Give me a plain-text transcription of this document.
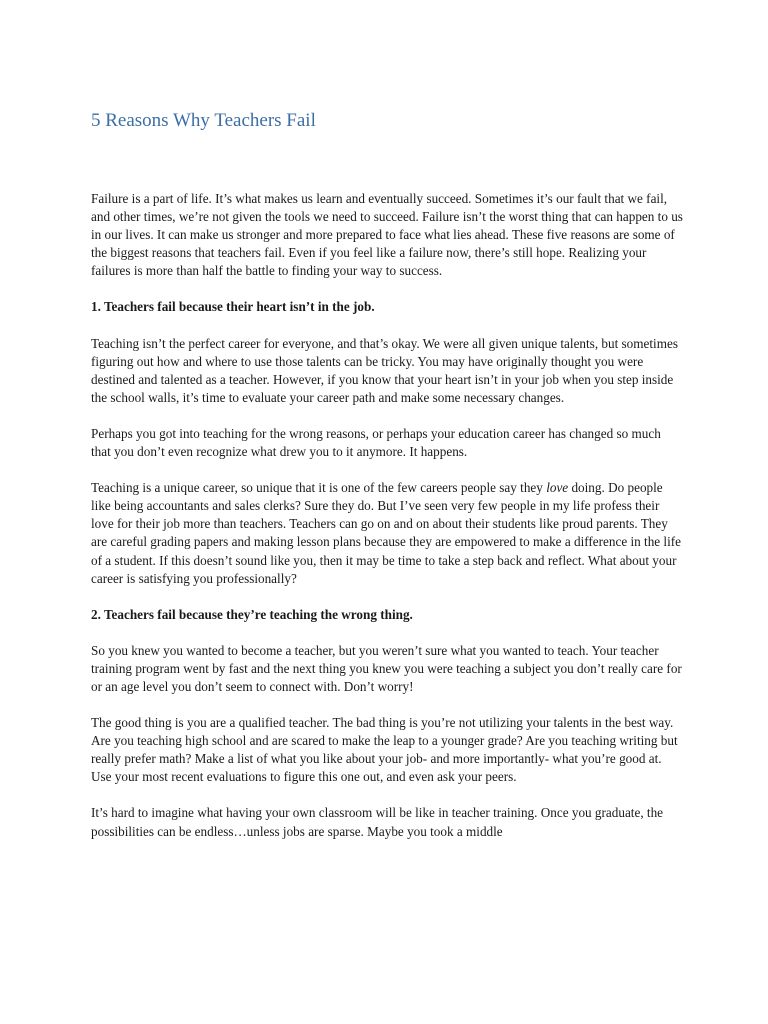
5 Reasons Why Teachers Fail

Failure is a part of life. It’s what makes us learn and eventually succeed. Sometimes it’s our fault that we fail, and other times, we’re not given the tools we need to succeed. Failure isn’t the worst thing that can happen to us in our lives. It can make us stronger and more prepared to face what lies ahead. These five reasons are some of the biggest reasons that teachers fail. Even if you feel like a failure now, there’s still hope. Realizing your failures is more than half the battle to finding your way to success.

1. Teachers fail because their heart isn’t in the job.

Teaching isn’t the perfect career for everyone, and that’s okay. We were all given unique talents, but sometimes figuring out how and where to use those talents can be tricky. You may have originally thought you were destined and talented as a teacher. However, if you know that your heart isn’t in your job when you step inside the school walls, it’s time to evaluate your career path and make some necessary changes.

Perhaps you got into teaching for the wrong reasons, or perhaps your education career has changed so much that you don’t even recognize what drew you to it anymore. It happens.

Teaching is a unique career, so unique that it is one of the few careers people say they love doing. Do people like being accountants and sales clerks? Sure they do. But I’ve seen very few people in my life profess their love for their job more than teachers. Teachers can go on and on about their students like proud parents. They are careful grading papers and making lesson plans because they are empowered to make a difference in the life of a student. If this doesn’t sound like you, then it may be time to take a step back and reflect. What about your career is satisfying you professionally?

2. Teachers fail because they’re teaching the wrong thing.

So you knew you wanted to become a teacher, but you weren’t sure what you wanted to teach. Your teacher training program went by fast and the next thing you knew you were teaching a subject you don’t really care for or an age level you don’t seem to connect with. Don’t worry!

The good thing is you are a qualified teacher. The bad thing is you’re not utilizing your talents in the best way. Are you teaching high school and are scared to make the leap to a younger grade? Are you teaching writing but really prefer math? Make a list of what you like about your job- and more importantly- what you’re good at. Use your most recent evaluations to figure this one out, and even ask your peers.

It’s hard to imagine what having your own classroom will be like in teacher training. Once you graduate, the possibilities can be endless…unless jobs are sparse. Maybe you took a middle
